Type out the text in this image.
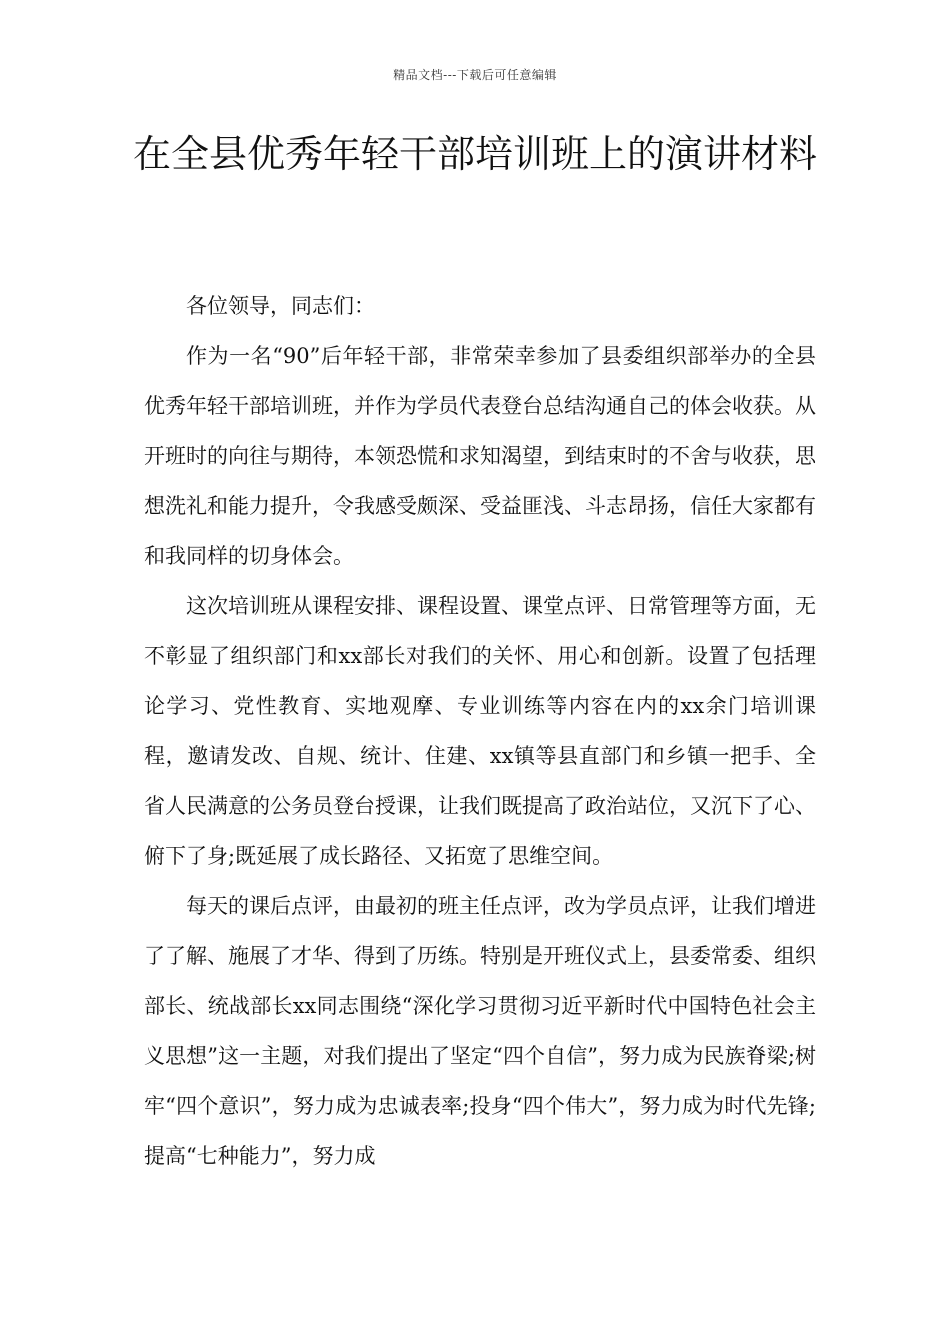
精品文档---下载后可任意编辑
在全县优秀年轻干部培训班上的演讲材料

各位领导，同志们：

作为一名“90”后年轻干部，非常荣幸参加了县委组织部举办的全县优秀年轻干部培训班，并作为学员代表登台总结沟通自己的体会收获。从开班时的向往与期待，本领恐慌和求知渴望，到结束时的不舍与收获，思想洗礼和能力提升，令我感受颇深、受益匪浅、斗志昂扬，信任大家都有和我同样的切身体会。

这次培训班从课程安排、课程设置、课堂点评、日常管理等方面，无不彰显了组织部门和xx部长对我们的关怀、用心和创新。设置了包括理论学习、党性教育、实地观摩、专业训练等内容在内的xx余门培训课程，邀请发改、自规、统计、住建、xx镇等县直部门和乡镇一把手、全省人民满意的公务员登台授课，让我们既提高了政治站位，又沉下了心、俯下了身;既延展了成长路径、又拓宽了思维空间。

每天的课后点评，由最初的班主任点评，改为学员点评，让我们增进了了解、施展了才华、得到了历练。特别是开班仪式上，县委常委、组织部长、统战部长xx同志围绕“深化学习贯彻习近平新时代中国特色社会主义思想”这一主题，对我们提出了坚定“四个自信”，努力成为民族脊梁;树牢“四个意识”，努力成为忠诚表率;投身“四个伟大”，努力成为时代先锋;提高“七种能力”，努力成
